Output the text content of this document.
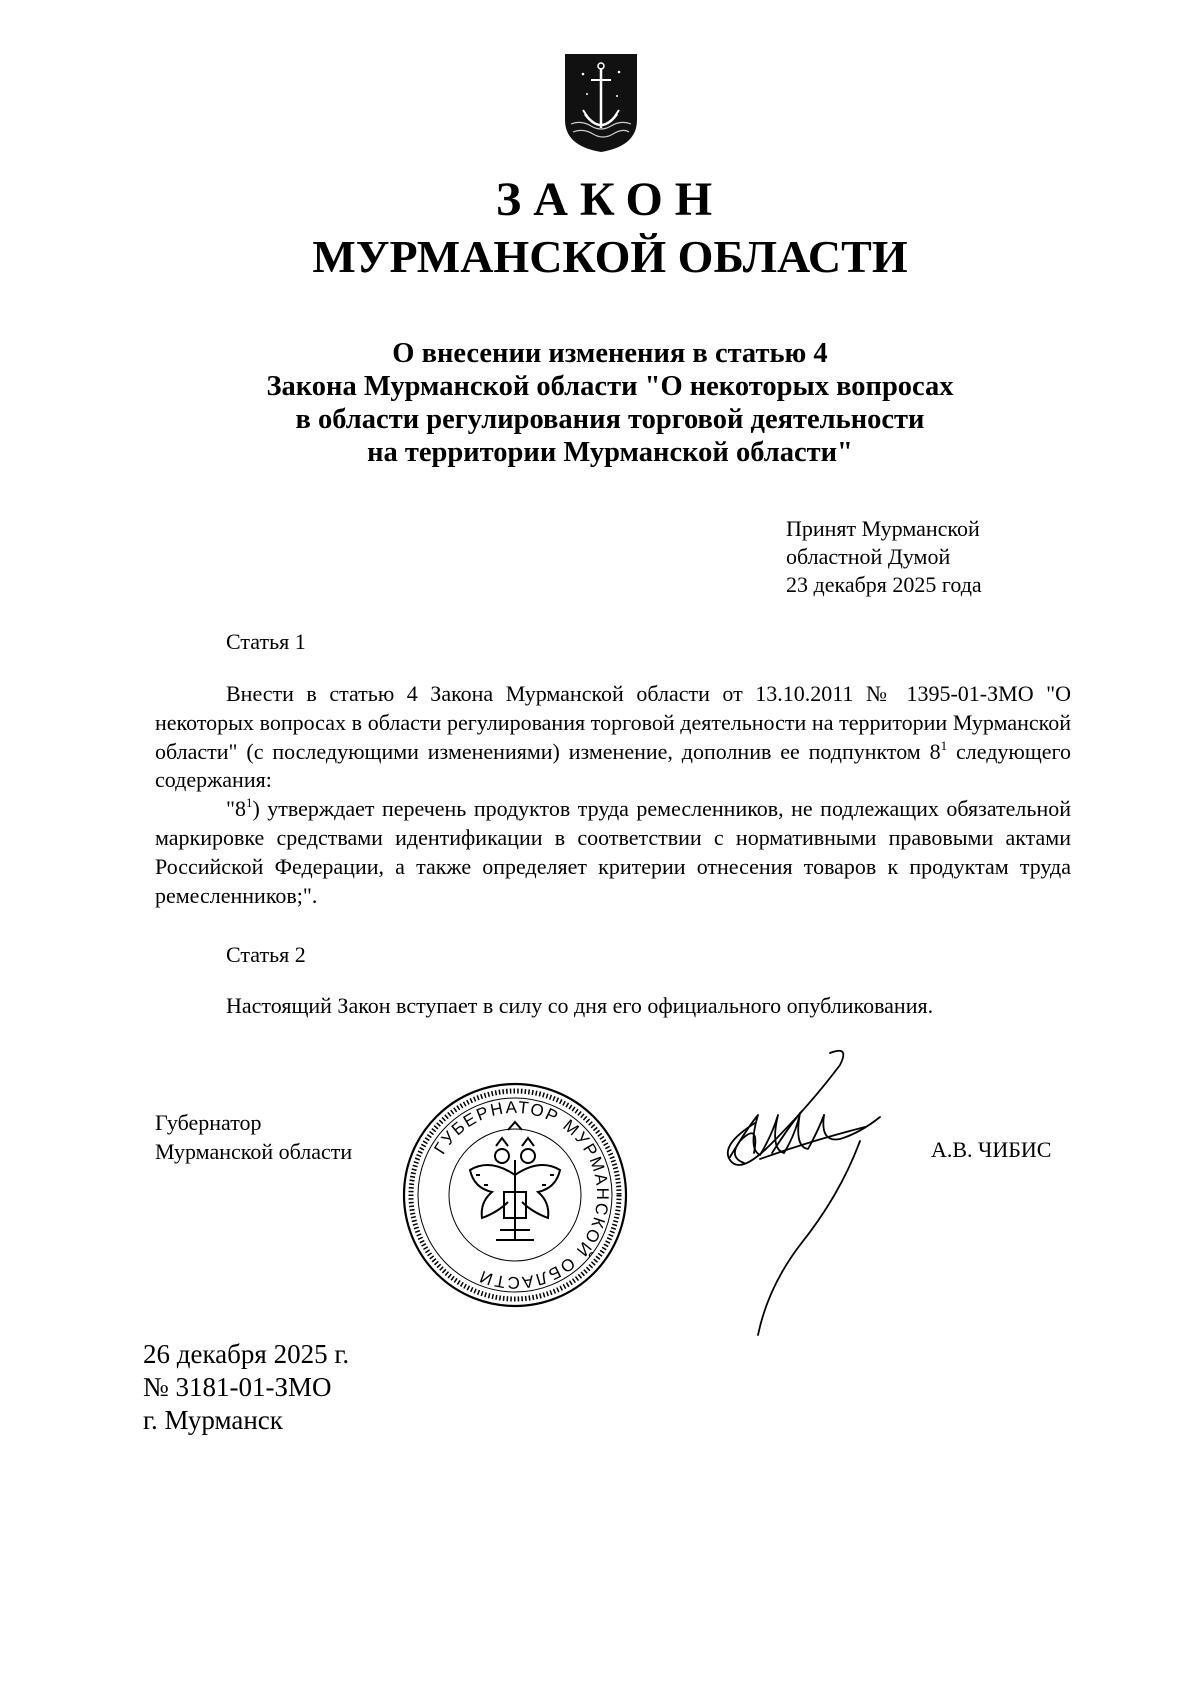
ЗАКОН
МУРМАНСКОЙ ОБЛАСТИ
О внесении изменения в статью 4
Закона Мурманской области "О некоторых вопросах
в области регулирования торговой деятельности
на территории Мурманской области"
Принят Мурманской
областной Думой
23 декабря 2025 года
Статья 1

Внести в статью 4 Закона Мурманской области от 13.10.2011 № 1395-01-ЗМО "О некоторых вопросах в области регулирования торговой деятельности на территории Мурманской области" (с последующими изменениями) изменение, дополнив ее подпунктом $8^1$ следующего содержания:

"$8^1$) утверждает перечень продуктов труда ремесленников, не подлежащих обязательной маркировке средствами идентификации в соответствии с нормативными правовыми актами Российской Федерации, а также определяет критерии отнесения товаров к продуктам труда ремесленников;".

Статья 2

Настоящий Закон вступает в силу со дня его официального опубликования.

Губернатор
Мурманской области	ГУБЕРНАТОР МУРМАНСКОЙ ОБЛАСТИ
А.В. ЧИБИС
26 декабря 2025 г.
№ 3181-01-ЗМО
г. Мурманск
